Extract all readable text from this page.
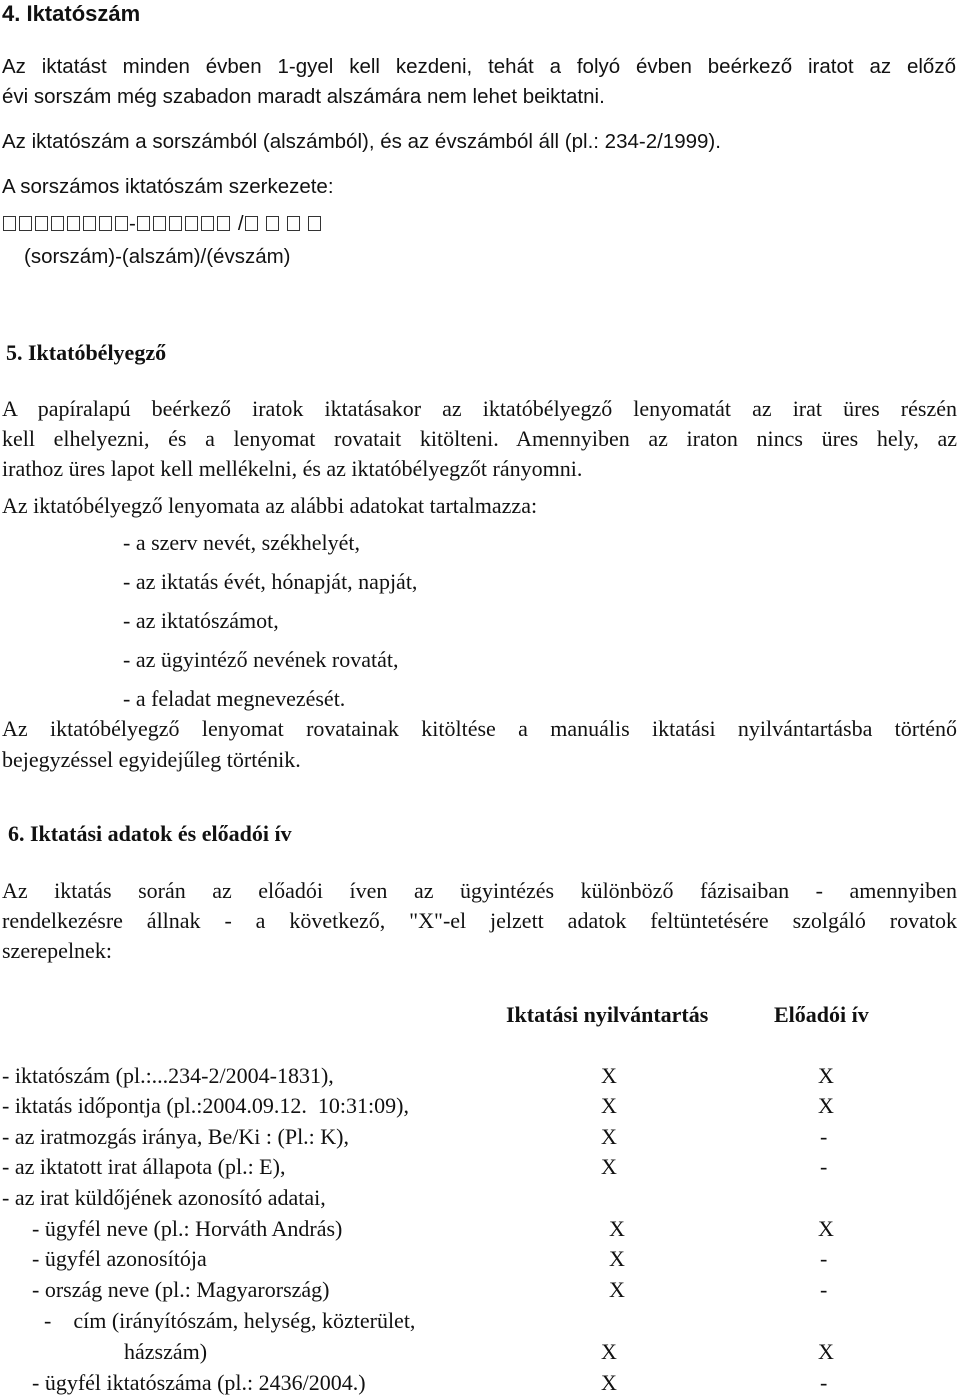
4. Iktatószám
Az iktatást minden évben 1-gyel kell kezdeni, tehát a folyó évben beérkező iratot az előző
évi sorszám még szabadon maradt alszámára nem lehet beiktatni.
Az iktatószám a sorszámból (alszámból), és az évszámból áll (pl.: 234-2/1999).
A sorszámos iktatószám szerkezete:
-	/
(sorszám)-(alszám)/(évszám)
5. Iktatóbélyegző
A papíralapú beérkező iratok iktatásakor az iktatóbélyegző lenyomatát az irat üres részén
kell elhelyezni, és a lenyomat rovatait kitölteni. Amennyiben az iraton nincs üres hely, az
irathoz üres lapot kell mellékelni, és az iktatóbélyegzőt rányomni.
Az iktatóbélyegző lenyomata az alábbi adatokat tartalmazza:
- a szerv nevét, székhelyét,
- az iktatás évét, hónapját, napját,
- az iktatószámot,
- az ügyintéző nevének rovatát,
- a feladat megnevezését.
Az iktatóbélyegző lenyomat rovatainak kitöltése a manuális iktatási nyilvántartásba történő
bejegyzéssel egyidejűleg történik.
6. Iktatási adatok és előadói ív
Az iktatás során az előadói íven az ügyintézés különböző fázisaiban - amennyiben
rendelkezésre állnak - a következő, "X"-el jelzett adatok feltüntetésére szolgáló rovatok
szerepelnek:
Iktatási nyilvántartás	Előadói ív
- iktatószám (pl.:...234-2/2004-1831),	X	X
- iktatás időpontja (pl.:2004.09.12.  10:31:09),	X	X
- az iratmozgás iránya, Be/Ki : (Pl.: K),	X	-
- az iktatott irat állapota (pl.: E),	X	-
- az irat küldőjének azonosító adatai,
- ügyfél neve (pl.: Horváth András)	X	X
- ügyfél azonosítója	X	-
- ország neve (pl.: Magyarország)	X	-
-    cím (irányítószám, helység, közterület,
házszám)	X	X
- ügyfél iktatószáma (pl.: 2436/2004.)	X	-
